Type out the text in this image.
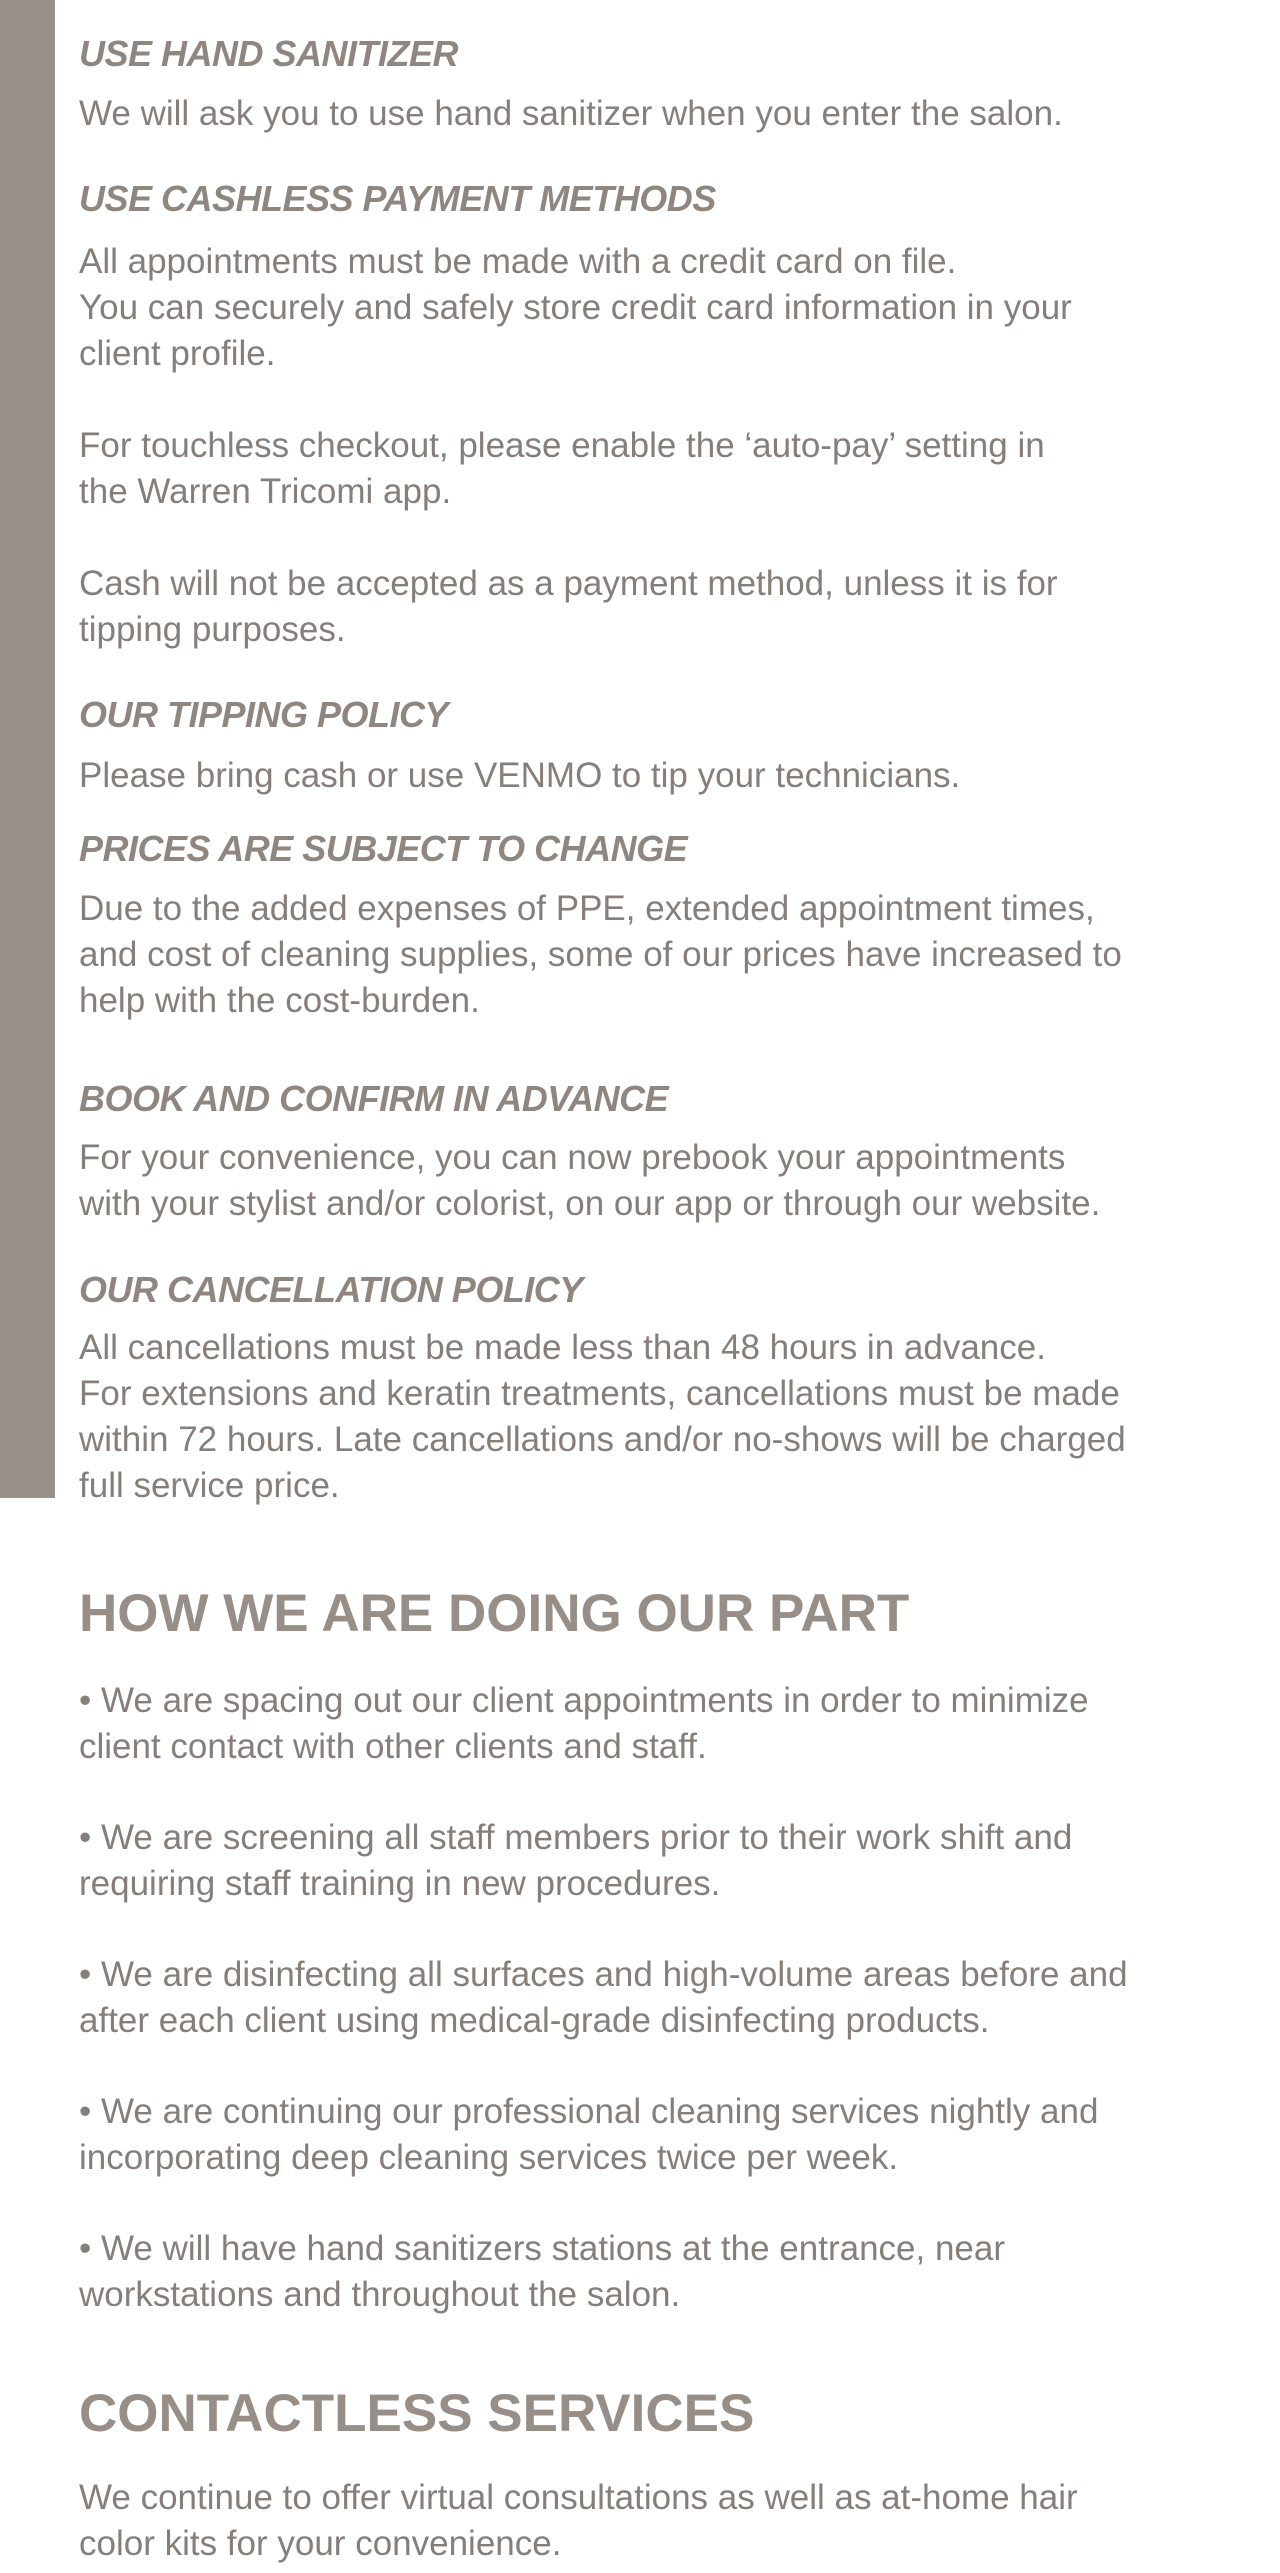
USE HAND SANITIZER

We will ask you to use hand sanitizer when you enter the salon.

USE CASHLESS PAYMENT METHODS

All appointments must be made with a credit card on file.
You can securely and safely store credit card information in your
client profile.

For touchless checkout, please enable the ‘auto-pay’ setting in
the Warren Tricomi app.

Cash will not be accepted as a payment method, unless it is for
tipping purposes.

OUR TIPPING POLICY

Please bring cash or use VENMO to tip your technicians.

PRICES ARE SUBJECT TO CHANGE

Due to the added expenses of PPE, extended appointment times,
and cost of cleaning supplies, some of our prices have increased to
help with the cost-burden.

BOOK AND CONFIRM IN ADVANCE

For your convenience, you can now prebook your appointments
with your stylist and/or colorist, on our app or through our website.

OUR CANCELLATION POLICY

All cancellations must be made less than 48 hours in advance.
For extensions and keratin treatments, cancellations must be made
within 72 hours. Late cancellations and/or no-shows will be charged
full service price.

HOW WE ARE DOING OUR PART

• We are spacing out our client appointments in order to minimize
client contact with other clients and staff.

• We are screening all staff members prior to their work shift and
requiring staff training in new procedures.

• We are disinfecting all surfaces and high-volume areas before and
after each client using medical-grade disinfecting products.

• We are continuing our professional cleaning services nightly and
incorporating deep cleaning services twice per week.

• We will have hand sanitizers stations at the entrance, near
workstations and throughout the salon.

CONTACTLESS SERVICES

We continue to offer virtual consultations as well as at-home hair
color kits for your convenience.
